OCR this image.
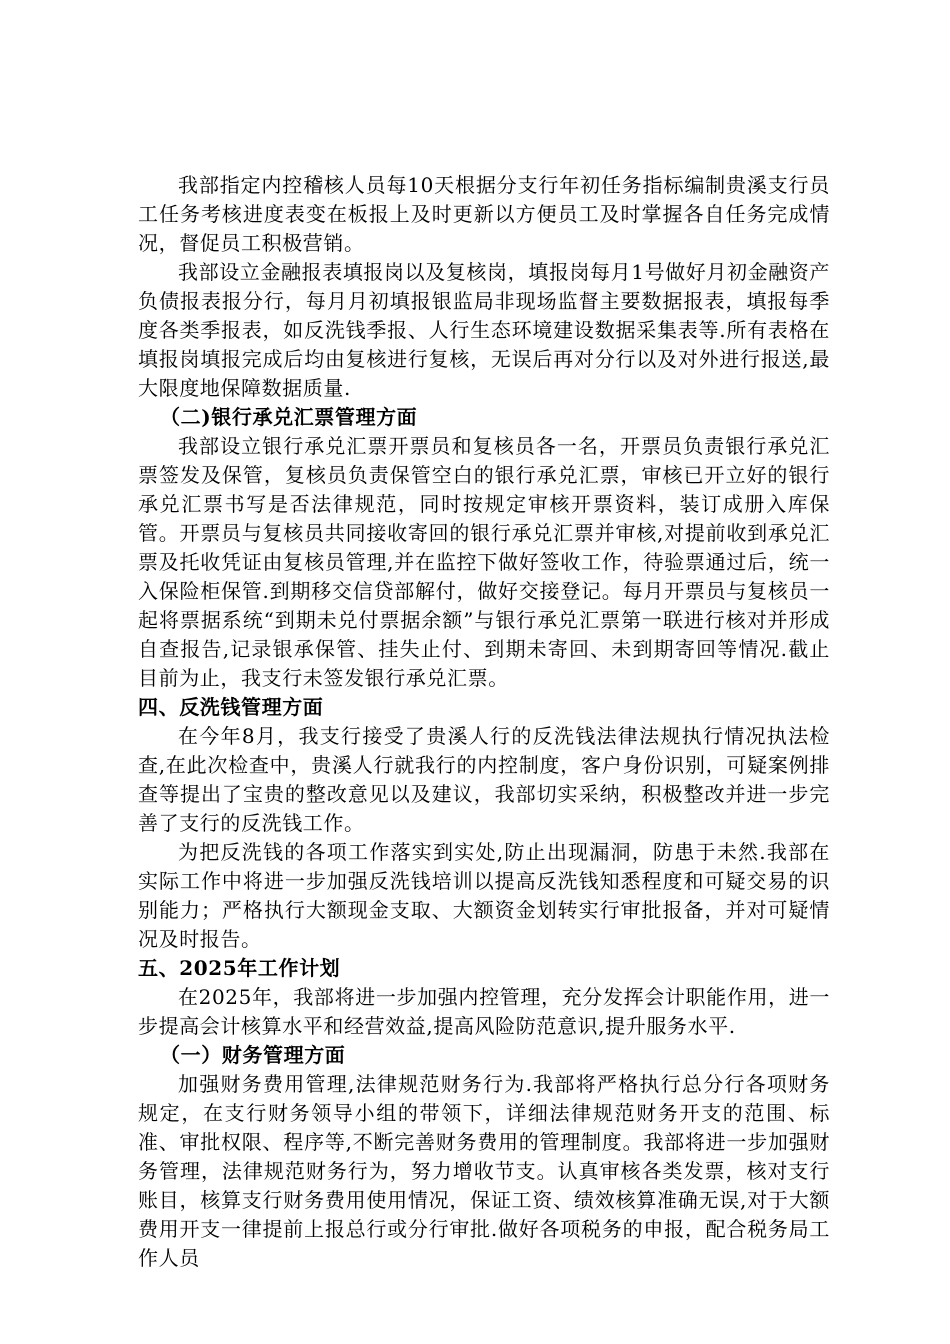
我部指定内控稽核人员每10天根据分支行年初任务指标编制贵溪支行员工任务考核进度表变在板报上及时更新以方便员工及时掌握各自任务完成情况，督促员工积极营销。

我部设立金融报表填报岗以及复核岗，填报岗每月1号做好月初金融资产负债报表报分行，每月月初填报银监局非现场监督主要数据报表，填报每季度各类季报表，如反洗钱季报、人行生态环境建设数据采集表等.所有表格在填报岗填报完成后均由复核进行复核，无误后再对分行以及对外进行报送,最大限度地保障数据质量.

（二)银行承兑汇票管理方面

我部设立银行承兑汇票开票员和复核员各一名，开票员负责银行承兑汇票签发及保管，复核员负责保管空白的银行承兑汇票，审核已开立好的银行承兑汇票书写是否法律规范，同时按规定审核开票资料，装订成册入库保管。开票员与复核员共同接收寄回的银行承兑汇票并审核,对提前收到承兑汇票及托收凭证由复核员管理,并在监控下做好签收工作，待验票通过后，统一入保险柜保管.到期移交信贷部解付，做好交接登记。每月开票员与复核员一起将票据系统“到期未兑付票据余额”与银行承兑汇票第一联进行核对并形成自查报告,记录银承保管、挂失止付、到期未寄回、未到期寄回等情况.截止目前为止，我支行未签发银行承兑汇票。

四、反洗钱管理方面

在今年8月，我支行接受了贵溪人行的反洗钱法律法规执行情况执法检查,在此次检查中，贵溪人行就我行的内控制度，客户身份识别，可疑案例排查等提出了宝贵的整改意见以及建议，我部切实采纳，积极整改并进一步完善了支行的反洗钱工作。

为把反洗钱的各项工作落实到实处,防止出现漏洞，防患于未然.我部在实际工作中将进一步加强反洗钱培训以提高反洗钱知悉程度和可疑交易的识别能力；严格执行大额现金支取、大额资金划转实行审批报备，并对可疑情况及时报告。

五、2025年工作计划

在2025年，我部将进一步加强内控管理，充分发挥会计职能作用，进一步提高会计核算水平和经营效益,提高风险防范意识,提升服务水平.

（一）财务管理方面

加强财务费用管理,法律规范财务行为.我部将严格执行总分行各项财务规定，在支行财务领导小组的带领下，详细法律规范财务开支的范围、标准、审批权限、程序等,不断完善财务费用的管理制度。我部将进一步加强财务管理，法律规范财务行为，努力增收节支。认真审核各类发票，核对支行账目，核算支行财务费用使用情况，保证工资、绩效核算准确无误,对于大额费用开支一律提前上报总行或分行审批.做好各项税务的申报，配合税务局工作人员
